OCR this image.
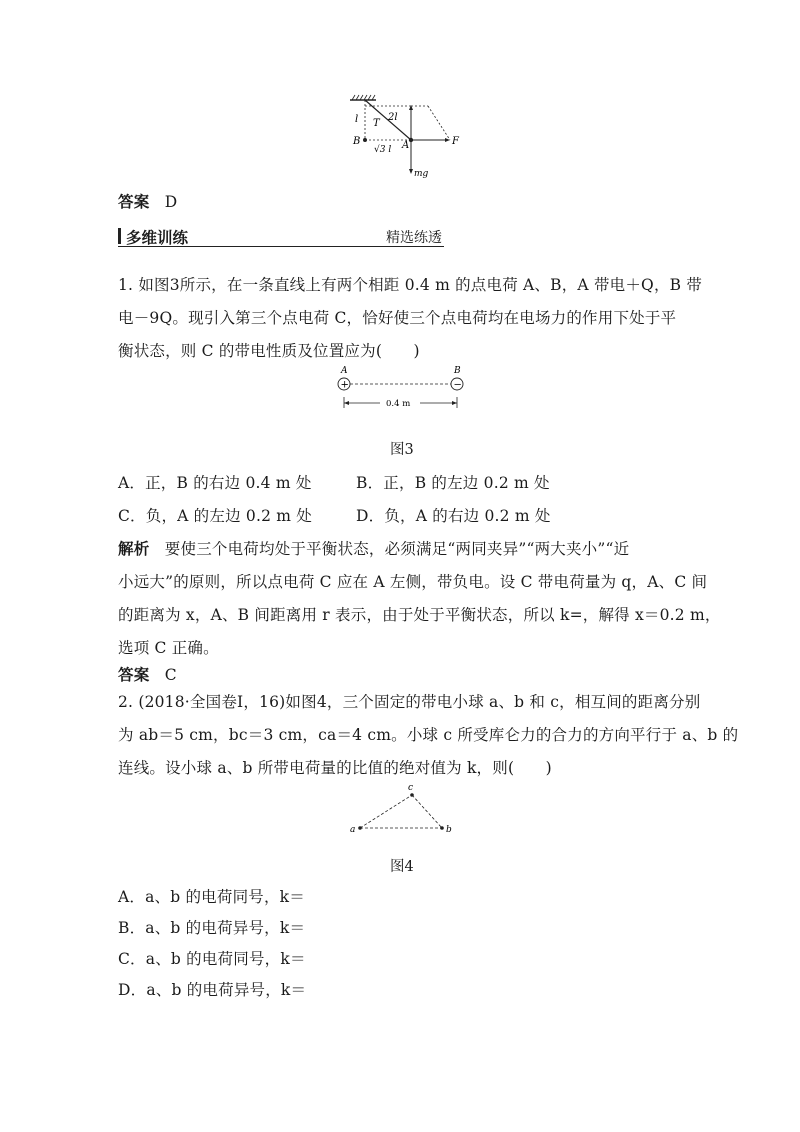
l T
2l
B
√3 l A	F
mg
答案 D
多维训练	精选练透
1. 如图3所示，在一条直线上有两个相距 0.4 m 的点电荷 A、B，A 带电＋Q，B 带
电－9Q。现引入第三个点电荷 C，恰好使三个点电荷均在电场力的作用下处于平
衡状态，则 C 的带电性质及位置应为(　　)
A	B
+	−
0.4 m
图3
A．正，B 的右边 0.4 m 处	B．正，B 的左边 0.2 m 处
C．负，A 的左边 0.2 m 处	D．负，A 的右边 0.2 m 处
解析 要使三个电荷均处于平衡状态，必须满足“两同夹异”“两大夹小”“近
小远大”的原则，所以点电荷 C 应在 A 左侧，带负电。设 C 带电荷量为 q，A、C 间
的距离为 x，A、B 间距离用 r 表示，由于处于平衡状态，所以 k=，解得 x＝0.2 m，
选项 C 正确。
答案 C
2. (2018·全国卷Ⅰ，16)如图4，三个固定的带电小球 a、b 和 c，相互间的距离分别
为 ab＝5 cm，bc＝3 cm，ca＝4 cm。小球 c 所受库仑力的合力的方向平行于 a、b 的
连线。设小球 a、b 所带电荷量的比值的绝对值为 k，则(　　)
a	b
c
图4
A．a、b 的电荷同号，k＝
B．a、b 的电荷异号，k＝
C．a、b 的电荷同号，k＝
D．a、b 的电荷异号，k＝
